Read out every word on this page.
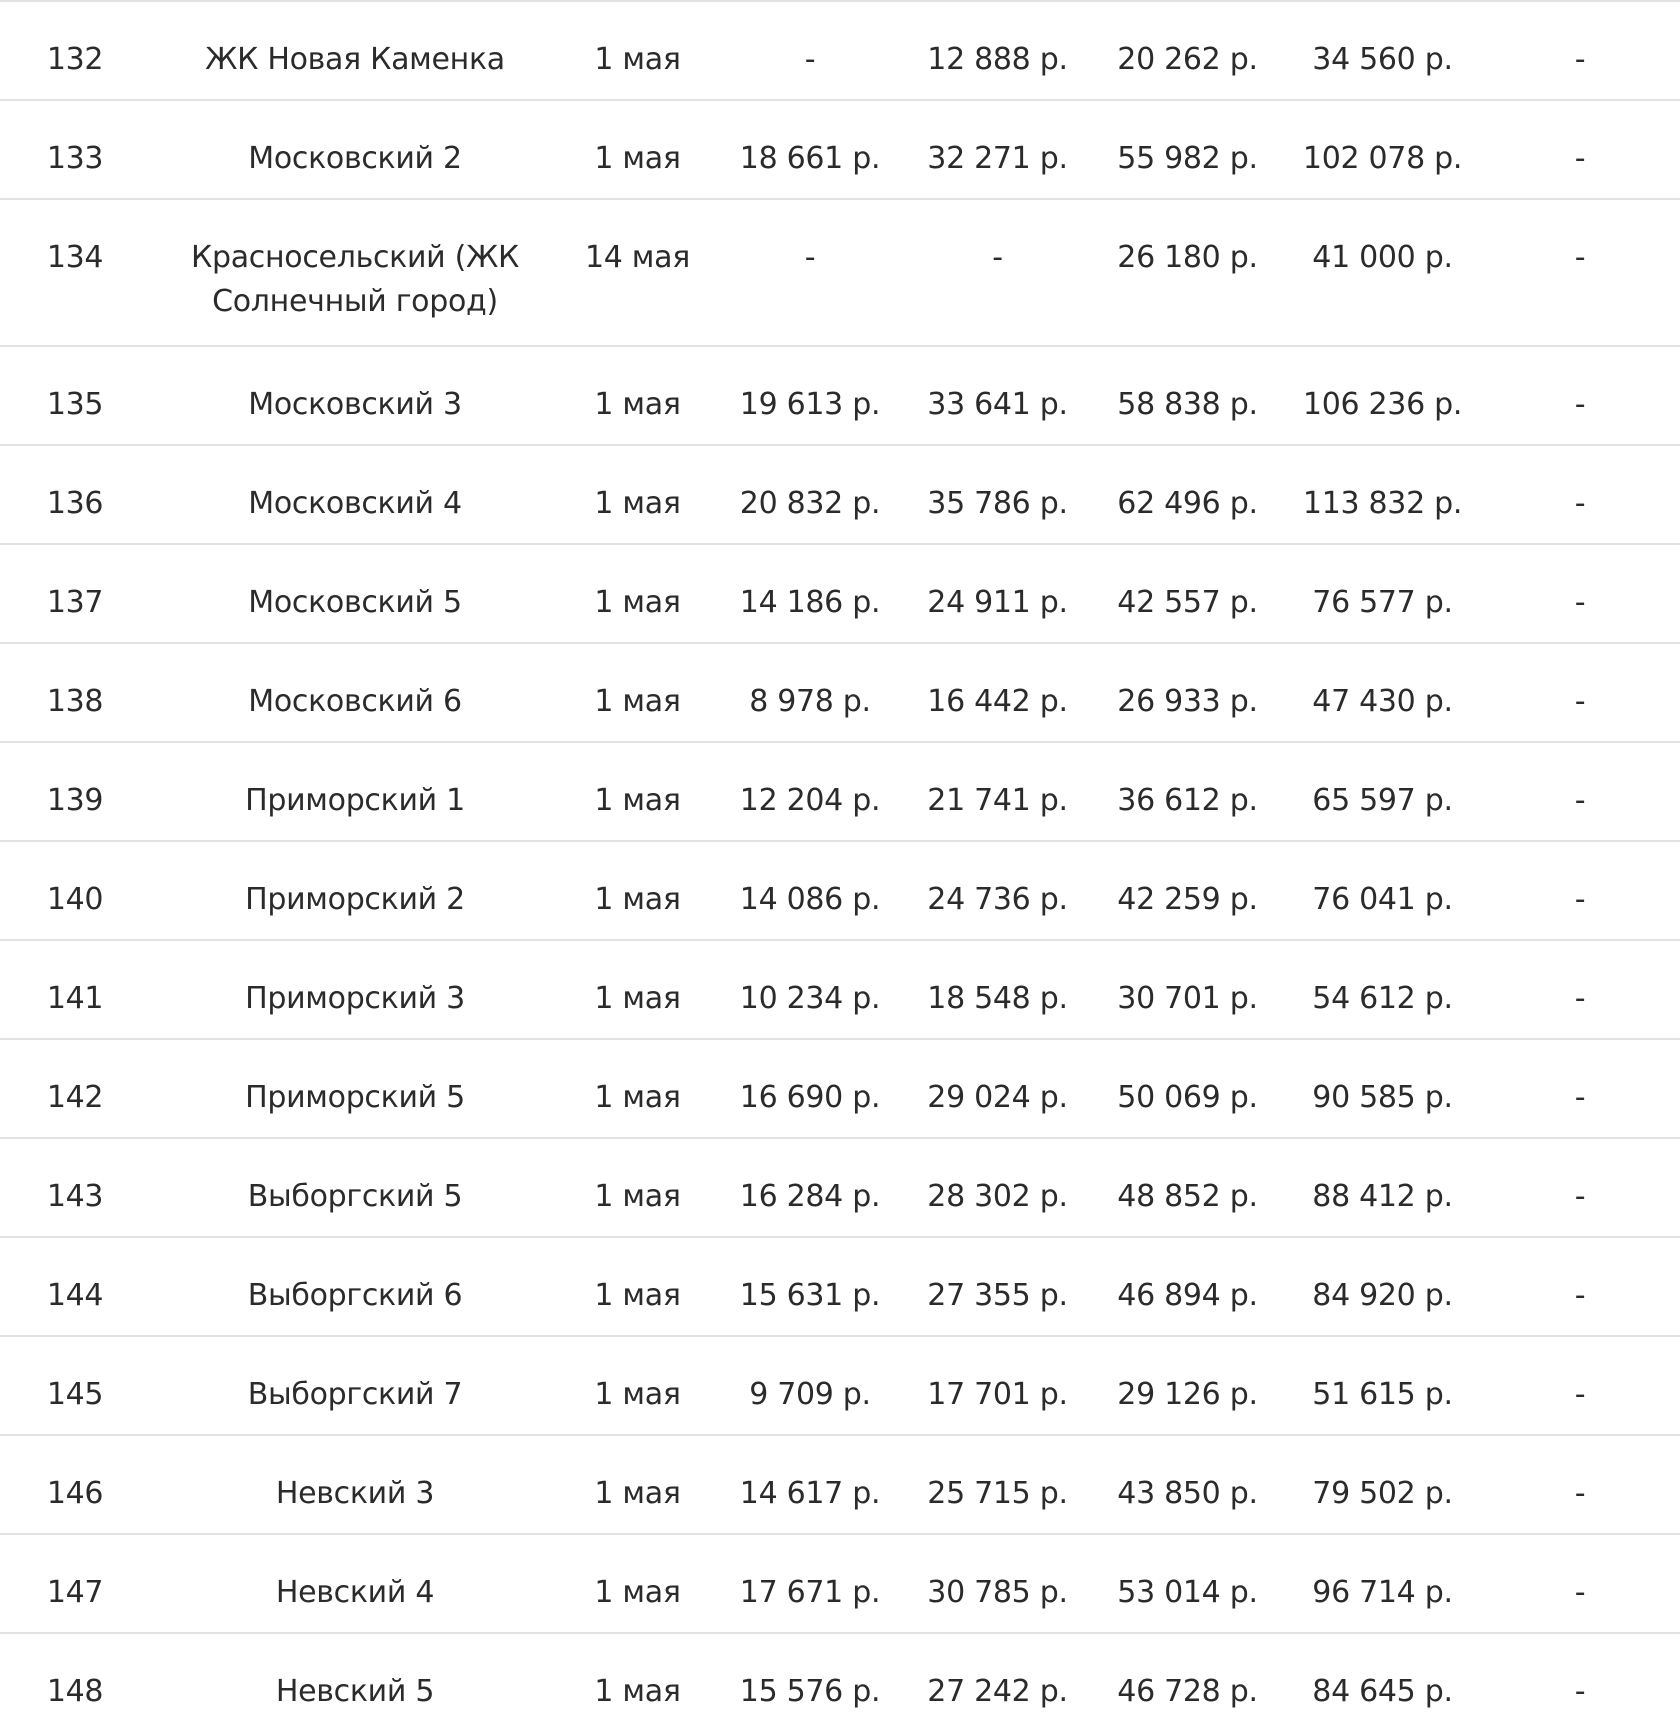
132	ЖК Новая Каменка	1 мая	-	12 888 р.	20 262 р.	34 560 р.	-
133	Московский 2	1 мая	18 661 р.	32 271 р.	55 982 р.	102 078 р.	-
134	Красносельский (ЖК Солнечный город)	14 мая	-	-	26 180 р.	41 000 р.	-
135	Московский 3	1 мая	19 613 р.	33 641 р.	58 838 р.	106 236 р.	-
136	Московский 4	1 мая	20 832 р.	35 786 р.	62 496 р.	113 832 р.	-
137	Московский 5	1 мая	14 186 р.	24 911 р.	42 557 р.	76 577 р.	-
138	Московский 6	1 мая	8 978 р.	16 442 р.	26 933 р.	47 430 р.	-
139	Приморский 1	1 мая	12 204 р.	21 741 р.	36 612 р.	65 597 р.	-
140	Приморский 2	1 мая	14 086 р.	24 736 р.	42 259 р.	76 041 р.	-
141	Приморский 3	1 мая	10 234 р.	18 548 р.	30 701 р.	54 612 р.	-
142	Приморский 5	1 мая	16 690 р.	29 024 р.	50 069 р.	90 585 р.	-
143	Выборгский 5	1 мая	16 284 р.	28 302 р.	48 852 р.	88 412 р.	-
144	Выборгский 6	1 мая	15 631 р.	27 355 р.	46 894 р.	84 920 р.	-
145	Выборгский 7	1 мая	9 709 р.	17 701 р.	29 126 р.	51 615 р.	-
146	Невский 3	1 мая	14 617 р.	25 715 р.	43 850 р.	79 502 р.	-
147	Невский 4	1 мая	17 671 р.	30 785 р.	53 014 р.	96 714 р.	-
148	Невский 5	1 мая	15 576 р.	27 242 р.	46 728 р.	84 645 р.	-
